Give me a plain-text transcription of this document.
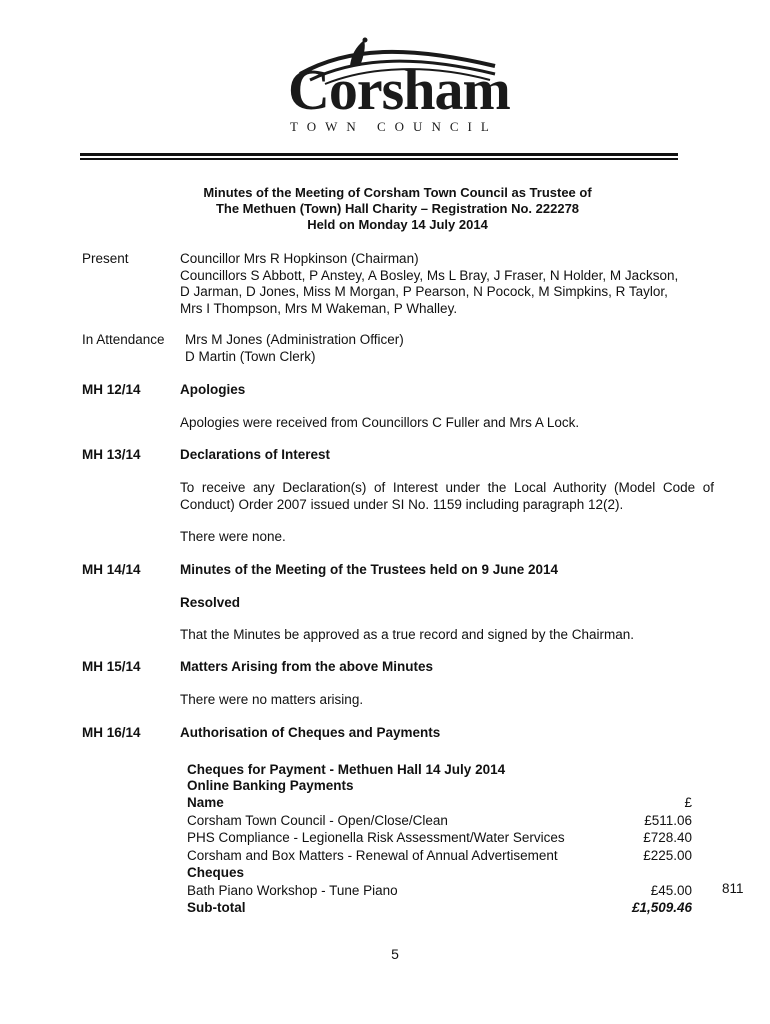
Corsham
TOWN COUNCIL
Minutes of the Meeting of Corsham Town Council as Trustee of
The Methuen (Town) Hall Charity – Registration No. 222278
Held on Monday 14 July 2014
Present	Councillor Mrs R Hopkinson (Chairman)
Councillors S Abbott, P Anstey, A Bosley, Ms L Bray, J Fraser, N Holder, M Jackson,
D Jarman, D Jones, Miss M Morgan, P Pearson, N Pocock, M Simpkins, R Taylor,
Mrs I Thompson, Mrs M Wakeman, P Whalley.
In Attendance Mrs M Jones (Administration Officer)
D Martin (Town Clerk)
MH 12/14	Apologies
Apologies were received from Councillors C Fuller and Mrs A Lock.
MH 13/14	Declarations of Interest
To receive any Declaration(s) of Interest under the Local Authority (Model Code of Conduct) Order 2007 issued under SI No. 1159 including paragraph 12(2).
There were none.
MH 14/14	Minutes of the Meeting of the Trustees held on 9 June 2014
Resolved
That the Minutes be approved as a true record and signed by the Chairman.
MH 15/14	Matters Arising from the above Minutes
There were no matters arising.
MH 16/14	Authorisation of Cheques and Payments
Cheques for Payment - Methuen Hall 14 July 2014
Online Banking Payments
Name	£
Corsham Town Council - Open/Close/Clean	£511.06
PHS Compliance - Legionella Risk Assessment/Water Services	£728.40
Corsham and Box Matters - Renewal of Annual Advertisement	£225.00
Cheques	
Bath Piano Workshop - Tune Piano	£45.00
Sub-total	£1,509.46
811
5
